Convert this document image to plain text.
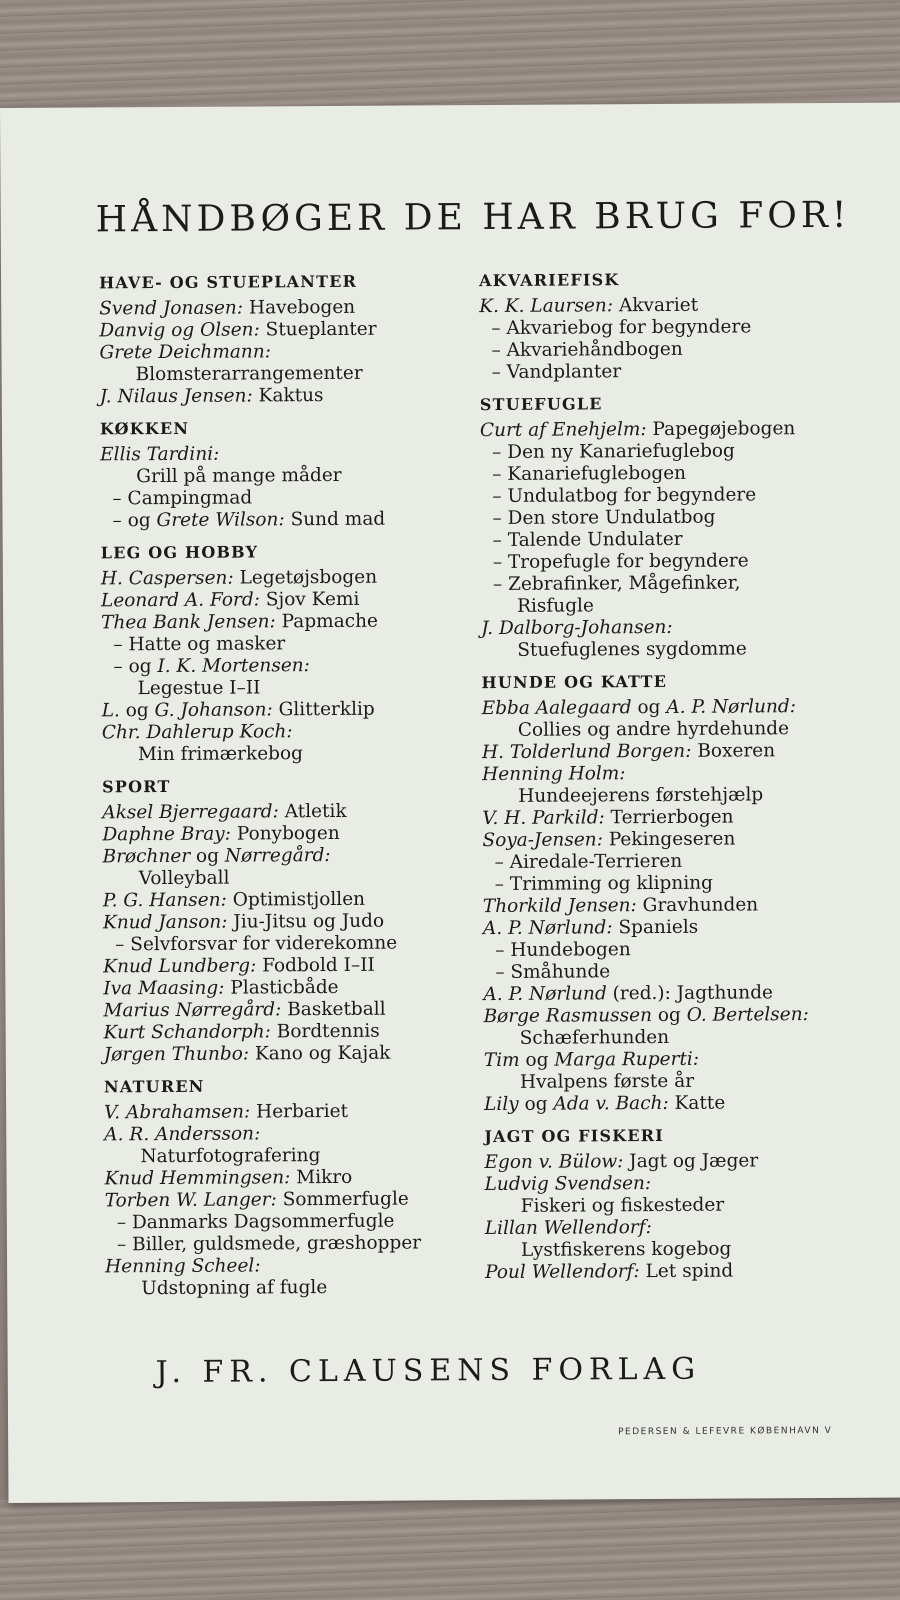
HÅNDBØGER DE HAR BRUG FOR!
HAVE- OG STUEPLANTER
Svend Jonasen: Havebogen
Danvig og Olsen: Stueplanter
Grete Deichmann:
Blomsterarrangementer
J. Nilaus Jensen: Kaktus
KØKKEN
Ellis Tardini:
Grill på mange måder
– Campingmad
– og Grete Wilson: Sund mad
LEG OG HOBBY
H. Caspersen: Legetøjsbogen
Leonard A. Ford: Sjov Kemi
Thea Bank Jensen: Papmache
– Hatte og masker
– og I. K. Mortensen:
Legestue I–II
L. og G. Johanson: Glitterklip
Chr. Dahlerup Koch:
Min frimærkebog
SPORT
Aksel Bjerregaard: Atletik
Daphne Bray: Ponybogen
Brøchner og Nørregård:
Volleyball
P. G. Hansen: Optimistjollen
Knud Janson: Jiu-Jitsu og Judo
– Selvforsvar for viderekomne
Knud Lundberg: Fodbold I–II
Iva Maasing: Plasticbåde
Marius Nørregård: Basketball
Kurt Schandorph: Bordtennis
Jørgen Thunbo: Kano og Kajak
NATUREN
V. Abrahamsen: Herbariet
A. R. Andersson:
Naturfotografering
Knud Hemmingsen: Mikro
Torben W. Langer: Sommerfugle
– Danmarks Dagsommerfugle
– Biller, guldsmede, græshopper
Henning Scheel:
Udstopning af fugle
AKVARIEFISK
K. K. Laursen: Akvariet
– Akvariebog for begyndere
– Akvariehåndbogen
– Vandplanter
STUEFUGLE
Curt af Enehjelm: Papegøjebogen
– Den ny Kanariefuglebog
– Kanariefuglebogen
– Undulatbog for begyndere
– Den store Undulatbog
– Talende Undulater
– Tropefugle for begyndere
– Zebrafinker, Mågefinker,
Risfugle
J. Dalborg-Johansen:
Stuefuglenes sygdomme
HUNDE OG KATTE
Ebba Aalegaard og A. P. Nørlund:
Collies og andre hyrdehunde
H. Tolderlund Borgen: Boxeren
Henning Holm:
Hundeejerens førstehjælp
V. H. Parkild: Terrierbogen
Soya-Jensen: Pekingeseren
– Airedale-Terrieren
– Trimming og klipning
Thorkild Jensen: Gravhunden
A. P. Nørlund: Spaniels
– Hundebogen
– Småhunde
A. P. Nørlund (red.): Jagthunde
Børge Rasmussen og O. Bertelsen:
Schæferhunden
Tim og Marga Ruperti:
Hvalpens første år
Lily og Ada v. Bach: Katte
JAGT OG FISKERI
Egon v. Bülow: Jagt og Jæger
Ludvig Svendsen:
Fiskeri og fiskesteder
Lillan Wellendorf:
Lystfiskerens kogebog
Poul Wellendorf: Let spind
J. FR. CLAUSENS FORLAG
PEDERSEN & LEFEVRE KØBENHAVN V
